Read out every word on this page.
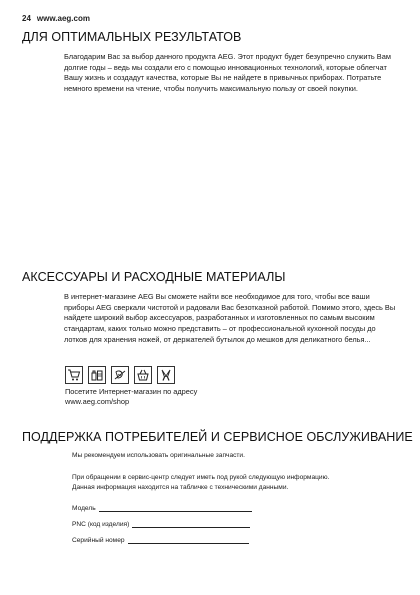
24 www.aeg.com
ДЛЯ ОПТИМАЛЬНЫХ РЕЗУЛЬТАТОВ

Благодарим Вас за выбор данного продукта AEG. Этот продукт будет безупречно служить Вам долгие годы – ведь мы создали его с помощью инновационных технологий, которые облегчат Вашу жизнь и создадут качества, которые Вы не найдете в привычных приборах. Потратьте немного времени на чтение, чтобы получить максимальную пользу от своей покупки.

АКСЕССУАРЫ И РАСХОДНЫЕ МАТЕРИАЛЫ

В интернет-магазине AEG Вы сможете найти все необходимое для того, чтобы все ваши приборы AEG сверкали чистотой и радовали Вас безотказной работой. Помимо этого, здесь Вы найдете широкий выбор аксессуаров, разработанных и изготовленных по самым высоким стандартам, каких только можно представить – от профессиональной кухонной посуды до лотков для хранения ножей, от держателей бутылок до мешков для деликатного белья...

Посетите Интернет-магазин по адресу
www.aeg.com/shop

ПОДДЕРЖКА ПОТРЕБИТЕЛЕЙ И СЕРВИСНОЕ ОБСЛУЖИВАНИЕ

Мы рекомендуем использовать оригинальные запчасти.

При обращении в сервис-центр следует иметь под рукой следующую информацию.
Данная информация находится на табличке с техническими данными.

Модель
PNC (код изделия)
Серийный номер
